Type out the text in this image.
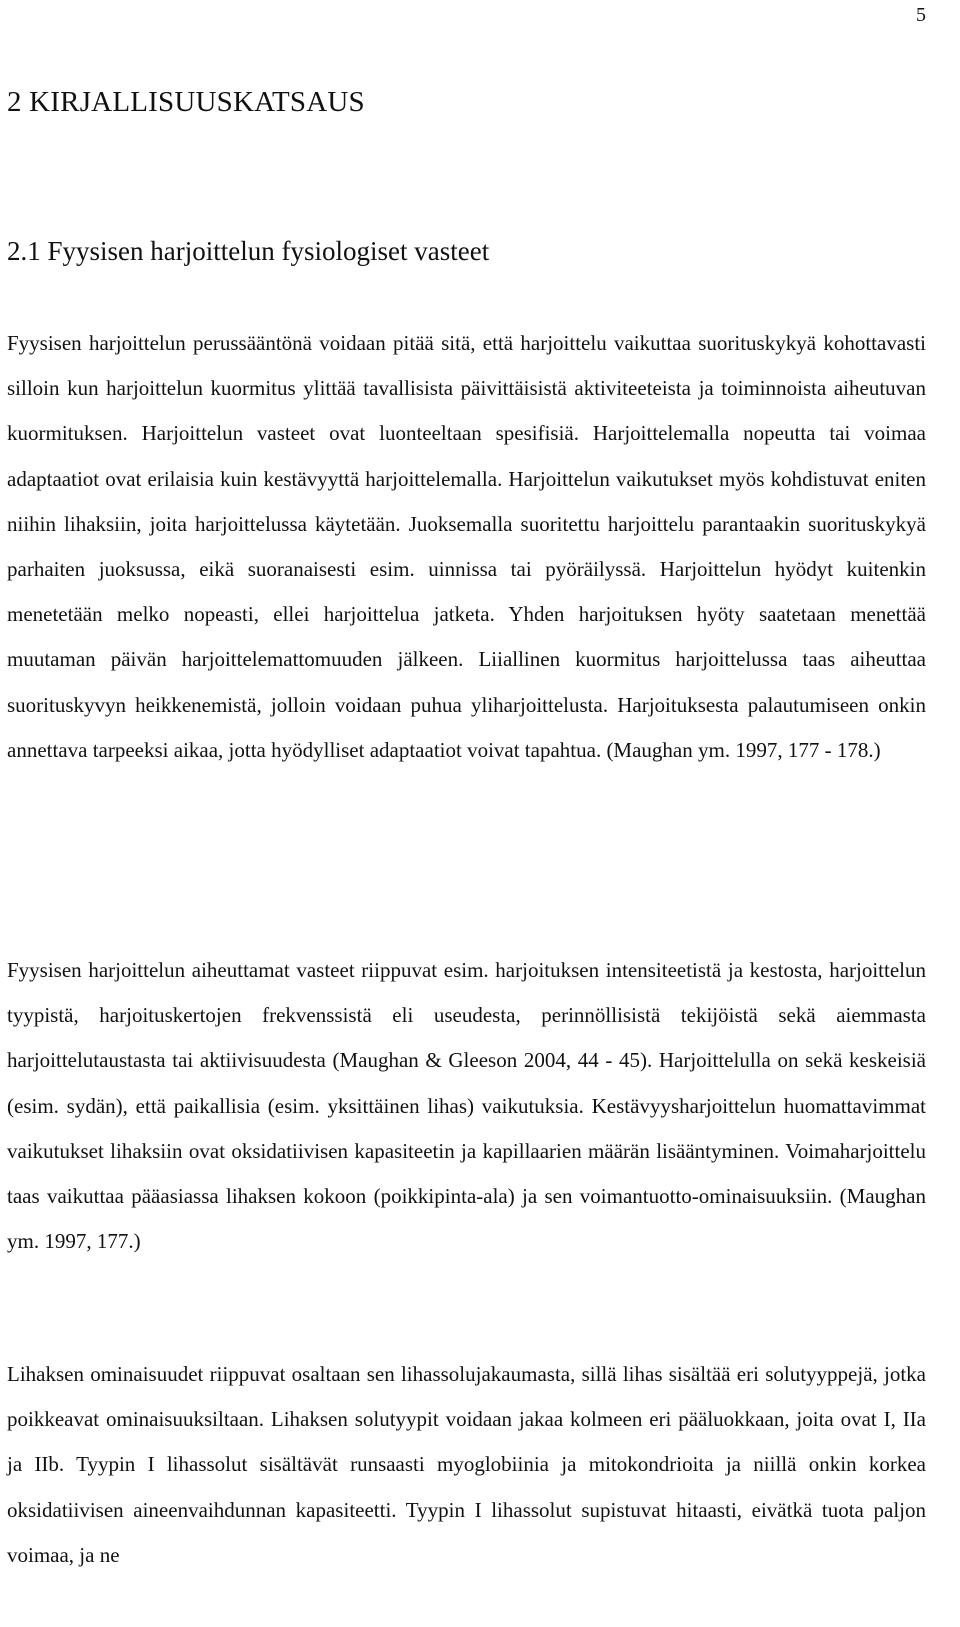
5
2 KIRJALLISUUSKATSAUS
2.1 Fyysisen harjoittelun fysiologiset vasteet

Fyysisen harjoittelun perussääntönä voidaan pitää sitä, että harjoittelu vaikuttaa suorituskykyä kohottavasti silloin kun harjoittelun kuormitus ylittää tavallisista päivittäisistä aktiviteeteista ja toiminnoista aiheutuvan kuormituksen. Harjoittelun vasteet ovat luonteeltaan spesifisiä. Harjoittelemalla nopeutta tai voimaa adaptaatiot ovat erilaisia kuin kestävyyttä harjoittelemalla. Harjoittelun vaikutukset myös kohdistuvat eniten niihin lihaksiin, joita harjoittelussa käytetään. Juoksemalla suoritettu harjoittelu parantaakin suorituskykyä parhaiten juoksussa, eikä suoranaisesti esim. uinnissa tai pyöräilyssä. Harjoittelun hyödyt kuitenkin menetetään melko nopeasti, ellei harjoittelua jatketa. Yhden harjoituksen hyöty saatetaan menettää muutaman päivän harjoittelemattomuuden jälkeen. Liiallinen kuormitus harjoittelussa taas aiheuttaa suorituskyvyn heikkenemistä, jolloin voidaan puhua yliharjoittelusta. Harjoituksesta palautumiseen onkin annettava tarpeeksi aikaa, jotta hyödylliset adaptaatiot voivat tapahtua. (Maughan ym. 1997, 177 - 178.)

Fyysisen harjoittelun aiheuttamat vasteet riippuvat esim. harjoituksen intensiteetistä ja kestosta, harjoittelun tyypistä, harjoituskertojen frekvenssistä eli useudesta, perinnöllisistä tekijöistä sekä aiemmasta harjoittelutaustasta tai aktiivisuudesta (Maughan & Gleeson 2004, 44 - 45). Harjoittelulla on sekä keskeisiä (esim. sydän), että paikallisia (esim. yksittäinen lihas) vaikutuksia. Kestävyysharjoittelun huomattavimmat vaikutukset lihaksiin ovat oksidatiivisen kapasiteetin ja kapillaarien määrän lisääntyminen. Voimaharjoittelu taas vaikuttaa pääasiassa lihaksen kokoon (poikkipinta-ala) ja sen voimantuotto-ominaisuuksiin. (Maughan ym. 1997, 177.)

Lihaksen ominaisuudet riippuvat osaltaan sen lihassolujakaumasta, sillä lihas sisältää eri solutyyppejä, jotka poikkeavat ominaisuuksiltaan. Lihaksen solutyypit voidaan jakaa kolmeen eri pääluokkaan, joita ovat I, IIa ja IIb. Tyypin I lihassolut sisältävät runsaasti myoglobiinia ja mitokondrioita ja niillä onkin korkea oksidatiivisen aineenvaihdunnan kapasiteetti. Tyypin I lihassolut supistuvat hitaasti, eivätkä tuota paljon voimaa, ja ne
